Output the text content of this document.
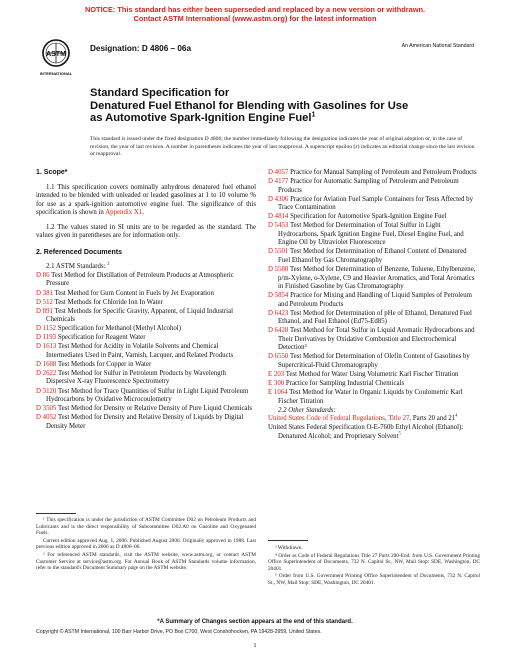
NOTICE: This standard has either been superseded and replaced by a new version or withdrawn.
Contact ASTM International (www.astm.org) for the latest information
ASTM
INTERNATIONAL
Designation: D 4806 – 06a	An American National Standard
Standard Specification for
Denatured Fuel Ethanol for Blending with Gasolines for Use
as Automotive Spark-Ignition Engine Fuel$^1$
This standard is issued under the fixed designation D 4806; the number immediately following the designation indicates the year of original adoption or, in the case of revision, the year of last revision. A number in parentheses indicates the year of last reapproval. A superscript epsilon (ε) indicates an editorial change since the last revision or reapproval.
1. Scope*
1.1 This specification covers nominally anhydrous denatured fuel ethanol intended to be blended with unleaded or leaded gasolines at 1 to 10 volume % for use as a spark-ignition automotive engine fuel. The significance of this specification is shown in Appendix X1.
1.2 The values stated in SI units are to be regarded as the standard. The values given in parentheses are for information only.
2. Referenced Documents
2.1 ASTM Standards: $^2$
D 86 Test Method for Distillation of Petroleum Products at Atmospheric Pressure
D 381 Test Method for Gum Content in Fuels by Jet Evaporation
D 512 Test Methods for Chloride Ion In Water
D 891 Test Methods for Specific Gravity, Apparent, of Liquid Industrial Chemicals
D 1152 Specification for Methanol (Methyl Alcohol)
D 1193 Specification for Reagent Water
D 1613 Test Method for Acidity in Volatile Solvents and Chemical Intermediates Used in Paint, Varnish, Lacquer, and Related Products
D 1688 Test Methods for Copper in Water
D 2622 Test Method for Sulfur in Petroleum Products by Wavelength Dispersive X-ray Fluorescence Spectrometry
D 3120 Test Method for Trace Quantities of Sulfur in Light Liquid Petroleum Hydrocarbons by Oxidative Microcoulometry
D 3505 Test Method for Density or Relative Density of Pure Liquid Chemicals
D 4052 Test Method for Density and Relative Density of Liquids by Digital Density Meter
D 4057 Practice for Manual Sampling of Petroleum and Petroleum Products
D 4177 Practice for Automatic Sampling of Petroleum and Petroleum Products
D 4306 Practice for Aviation Fuel Sample Containers for Tests Affected by Trace Contamination
D 4814 Specification for Automotive Spark-Ignition Engine Fuel
D 5453 Test Method for Determination of Total Sulfur in Light Hydrocarbons, Spark Ignition Engine Fuel, Diesel Engine Fuel, and Engine Oil by Ultraviolet Fluorescence
D 5501 Test Method for Determination of Ethanol Content of Denatured Fuel Ethanol by Gas Chromatography
D 5580 Test Method for Determination of Benzene, Toluene, Ethylbenzene, p/m-Xylene, o-Xylene, C9 and Heavier Aromatics, and Total Aromatics in Finished Gasoline by Gas Chromatography
D 5854 Practice for Mixing and Handling of Liquid Samples of Petroleum and Petroleum Products
D 6423 Test Method for Determination of pHe of Ethanol, Denatured Fuel Ethanol, and Fuel Ethanol (Ed75-Ed85)
D 6428 Test Method for Total Sulfur in Liquid Aromatic Hydrocarbons and Their Derivatives by Oxidative Combustion and Electrochemical Detection³
D 6550 Test Method for Determination of Olefin Content of Gasolines by Supercritical-Fluid Chromatography
E 203 Test Method for Water Using Volumetric Karl Fischer Titration
E 300 Practice for Sampling Industrial Chemicals
E 1064 Test Method for Water in Organic Liquids by Coulometric Karl Fischer Titration
2.2 Other Standards:
United States Code of Federal Regulations, Title 27, Parts 20 and $21^4$
United States Federal Specification O-E-760b Ethyl Alcohol (Ethanol): Denatured Alcohol; and Proprietary Solvent$^5$

¹ This specification is under the jurisdiction of ASTM Committee D02 on Petroleum Products and Lubricants and is the direct responsibility of Subcommittee D02.A0 on Gasoline and Oxygenated Fuels.

Current edition approved Aug. 1, 2006. Published August 2006. Originally approved in 1988. Last previous edition approved in 2006 as D 4806–06.

² For referenced ASTM standards, visit the ASTM website, www.astm.org, or contact ASTM Customer Service at service@astm.org. For Annual Book of ASTM Standards volume information, refer to the standard's Document Summary page on the ASTM website.

³ Withdrawn.

⁴ Order as Code of Federal Regulations Title 27 Parts 200-End: from U.S. Government Printing Office Superintendent of Documents, 732 N. Capitol St., NW, Mail Stop: SDE, Washington, DC 20401.

⁵ Order from U.S. Government Printing Office Superintendent of Documents, 732 N. Capitol St., NW, Mail Stop: SDE, Washington, DC 20401.

*A Summary of Changes section appears at the end of this standard.
Copyright © ASTM International, 100 Barr Harbor Drive, PO Box C700, West Conshohocken, PA 19428-2959, United States.
1
